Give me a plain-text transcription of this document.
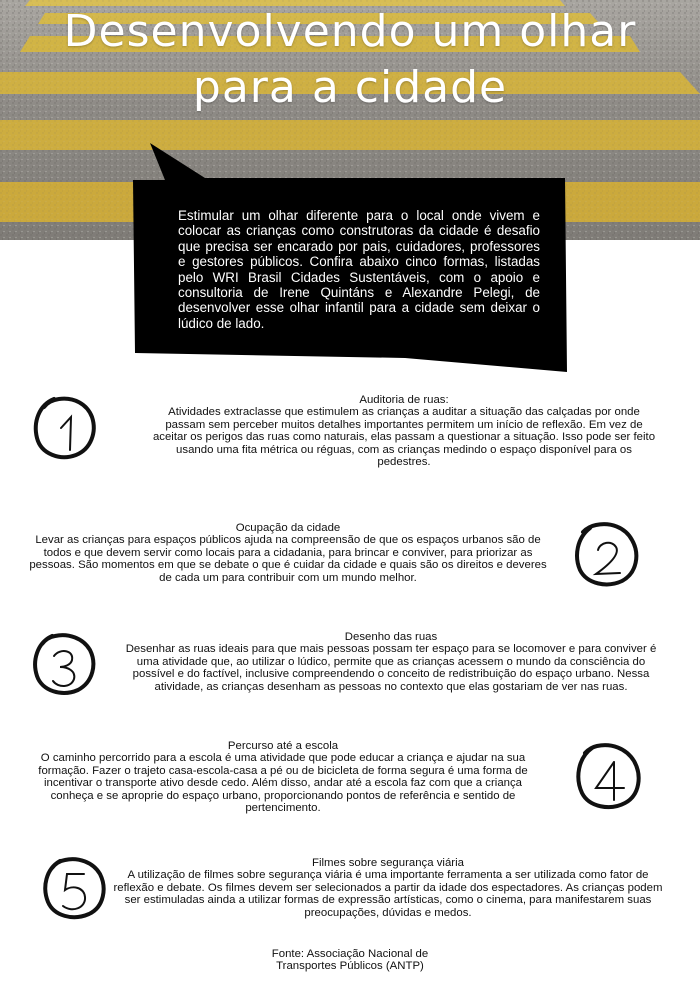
Desenvolvendo um olhar
para a cidade

Estimular um olhar diferente para o local onde vivem e colocar as crianças como construtoras da cidade é desafio que precisa ser encarado por pais, cuidadores, professores e gestores públicos. Confira abaixo cinco formas, listadas pelo WRI Brasil Cidades Sustentáveis, com o apoio e consultoria de Irene Quintáns e Alexandre Pelegi, de desenvolver esse olhar infantil para a cidade sem deixar o lúdico de lado.

Auditoria de ruas:
Atividades extraclasse que estimulem as crianças a auditar a situação das calçadas por onde passam sem perceber muitos detalhes importantes permitem um início de reflexão. Em vez de aceitar os perigos das ruas como naturais, elas passam a questionar a situação. Isso pode ser feito usando uma fita métrica ou réguas, com as crianças medindo o espaço disponível para os pedestres.
Ocupação da cidade
Levar as crianças para espaços públicos ajuda na compreensão de que os espaços urbanos são de todos e que devem servir como locais para a cidadania, para brincar e conviver, para priorizar as pessoas. São momentos em que se debate o que é cuidar da cidade e quais são os direitos e deveres de cada um para contribuir com um mundo melhor.
Desenho das ruas
Desenhar as ruas ideais para que mais pessoas possam ter espaço para se locomover e para conviver é uma atividade que, ao utilizar o lúdico, permite que as crianças acessem o mundo da consciência do possível e do factível, inclusive compreendendo o conceito de redistribuição do espaço urbano. Nessa atividade, as crianças desenham as pessoas no contexto que elas gostariam de ver nas ruas.
Percurso até a escola
O caminho percorrido para a escola é uma atividade que pode educar a criança e ajudar na sua formação. Fazer o trajeto casa-escola-casa a pé ou de bicicleta de forma segura é uma forma de incentivar o transporte ativo desde cedo. Além disso, andar até a escola faz com que a criança conheça e se aproprie do espaço urbano, proporcionando pontos de referência e sentido de pertencimento.
Filmes sobre segurança viária
A utilização de filmes sobre segurança viária é uma importante ferramenta a ser utilizada como fator de reflexão e debate. Os filmes devem ser selecionados a partir da idade dos espectadores. As crianças podem ser estimuladas ainda a utilizar formas de expressão artísticas, como o cinema, para manifestarem suas preocupações, dúvidas e medos.
Fonte: Associação Nacional de
Transportes Públicos (ANTP)
